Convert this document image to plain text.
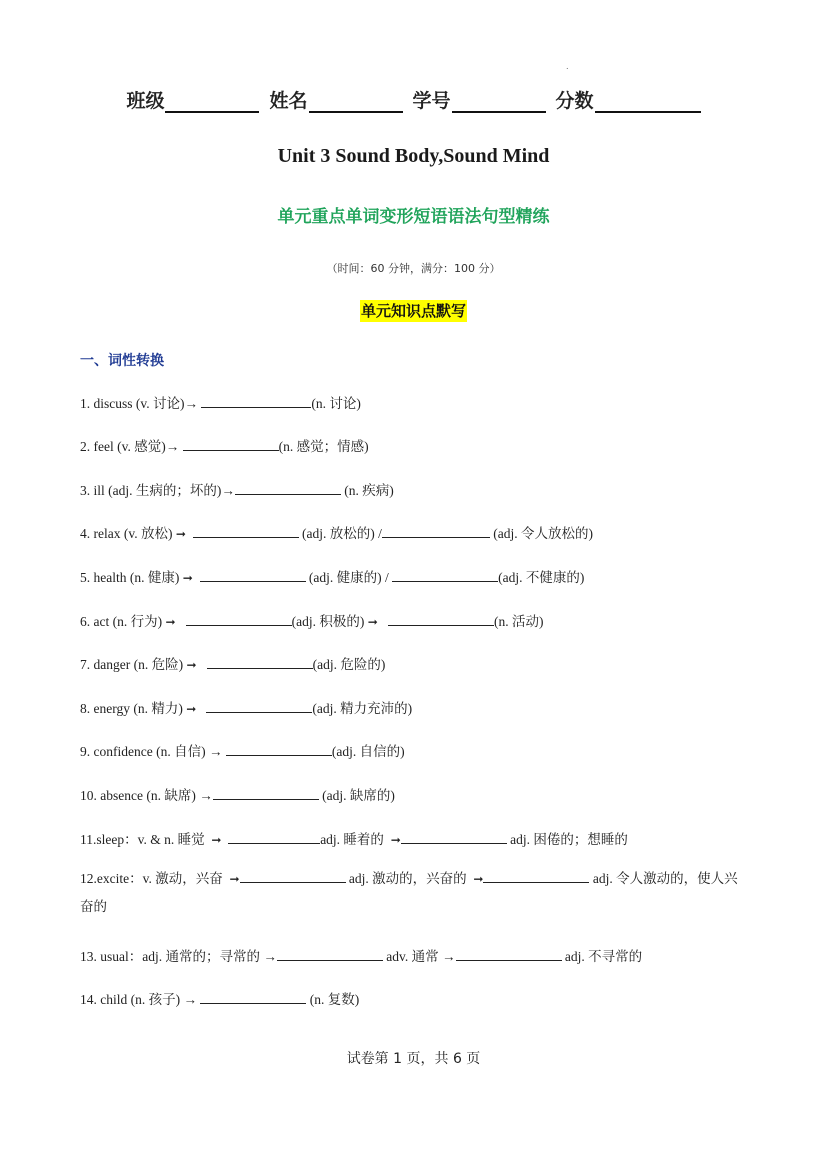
.
班级	姓名	学号	分数
Unit 3 Sound Body,Sound Mind
单元重点单词变形短语语法句型精练
（时间：60 分钟，满分：100 分）
单元知识点默写
一、词性转换
1. discuss (v. 讨论)→	(n. 讨论)
2. feel (v. 感觉)→	(n. 感觉；情感)
3. ill (adj. 生病的；坏的)→	(n. 疾病)
4. relax (v. 放松) ➞	(adj. 放松的) /	(adj. 令人放松的)
5. health (n. 健康) ➞	(adj. 健康的) /	(adj. 不健康的)
6. act (n. 行为) ➞	(adj. 积极的) ➞	(n. 活动)
7. danger (n. 危险) ➞	(adj. 危险的)
8. energy (n. 精力) ➞	(adj. 精力充沛的)
9. confidence (n. 自信) →	(adj. 自信的)
10. absence (n. 缺席) →	(adj. 缺席的)
11.sleep：v. & n. 睡觉  ➞	adj. 睡着的  ➞	adj. 困倦的；想睡的
12.excite：v. 激动，兴奋  ➞	adj. 激动的，兴奋的  ➞	adj. 令人激动的，使人兴奋的
13. usual：adj. 通常的；寻常的 →	adv. 通常 →	adj. 不寻常的
14. child (n. 孩子) →	(n. 复数)
试卷第 1 页，共 6 页
